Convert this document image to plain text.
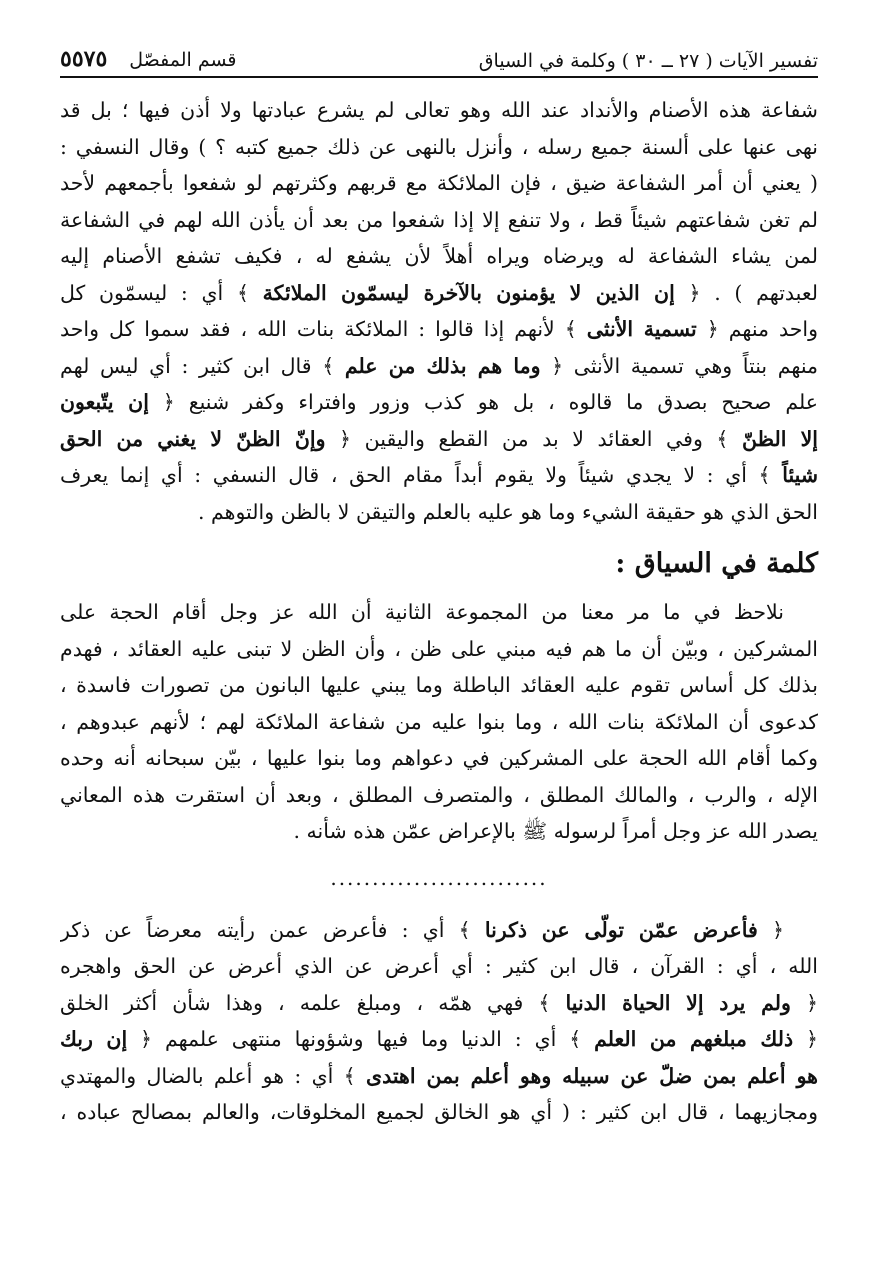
تفسير الآيات ( ٢٧ ــ ٣٠ ) وكلمة في السياق
قسم المفصّل
٥٥٧٥

شفاعة هذه الأصنام والأنداد عند الله وهو تعالى لم يشرع عبادتها ولا أذن فيها ؛ بل قد

نهى عنها على ألسنة جميع رسله ، وأنزل بالنهى عن ذلك جميع كتبه ؟ ) وقال النسفي :

( يعني أن أمر الشفاعة ضيق ، فإن الملائكة مع قربهم وكثرتهم لو شفعوا بأجمعهم لأحد

لم تغن شفاعتهم شيئاً قط ، ولا تنفع إلا إذا شفعوا من بعد أن يأذن الله لهم في الشفاعة

لمن يشاء الشفاعة له ويرضاه ويراه أهلاً لأن يشفع له ، فكيف تشفع الأصنام إليه

لعبدتهم ) . ﴿ إن الذين لا يؤمنون بالآخرة ليسمّون الملائكة ﴾ أي : ليسمّون كل

واحد منهم ﴿ تسمية الأنثى ﴾ لأنهم إذا قالوا : الملائكة بنات الله ، فقد سموا كل واحد

منهم بنتاً وهي تسمية الأنثى ﴿ وما هم بذلك من علم ﴾ قال ابن كثير : أي ليس لهم

علم صحيح بصدق ما قالوه ، بل هو كذب وزور وافتراء وكفر شنيع ﴿ إن يتّبعون

إلا الظنّ ﴾ وفي العقائد لا بد من القطع واليقين ﴿ وإنّ الظنّ لا يغني من الحق

شيئاً ﴾ أي : لا يجدي شيئاً ولا يقوم أبداً مقام الحق ، قال النسفي : أي إنما يعرف

الحق الذي هو حقيقة الشيء وما هو عليه بالعلم والتيقن لا بالظن والتوهم .

كلمة في السياق :

نلاحظ في ما مر معنا من المجموعة الثانية أن الله عز وجل أقام الحجة على

المشركين ، وبيّن أن ما هم فيه مبني على ظن ، وأن الظن لا تبنى عليه العقائد ، فهدم

بذلك كل أساس تقوم عليه العقائد الباطلة وما يبني عليها البانون من تصورات فاسدة ،

كدعوى أن الملائكة بنات الله ، وما بنوا عليه من شفاعة الملائكة لهم ؛ لأنهم عبدوهم ،

وكما أقام الله الحجة على المشركين في دعواهم وما بنوا عليها ، بيّن سبحانه أنه وحده

الإله ، والرب ، والمالك المطلق ، والمتصرف المطلق ، وبعد أن استقرت هذه المعاني

يصدر الله عز وجل أمراً لرسوله ﷺ بالإعراض عمّن هذه شأنه .

..........................

﴿ فأعرض عمّن تولّى عن ذكرنا ﴾ أي : فأعرض عمن رأيته معرضاً عن ذكر

الله ، أي : القرآن ، قال ابن كثير : أي أعرض عن الذي أعرض عن الحق واهجره

﴿ ولم يرد إلا الحياة الدنيا ﴾ فهي همّه ، ومبلغ علمه ، وهذا شأن أكثر الخلق

﴿ ذلك مبلغهم من العلم ﴾ أي : الدنيا وما فيها وشؤونها منتهى علمهم ﴿ إن ربك

هو أعلم بمن ضلّ عن سبيله وهو أعلم بمن اهتدى ﴾ أي : هو أعلم بالضال والمهتدي

ومجازيهما ، قال ابن كثير : ( أي هو الخالق لجميع المخلوقات، والعالم بمصالح عباده ،
